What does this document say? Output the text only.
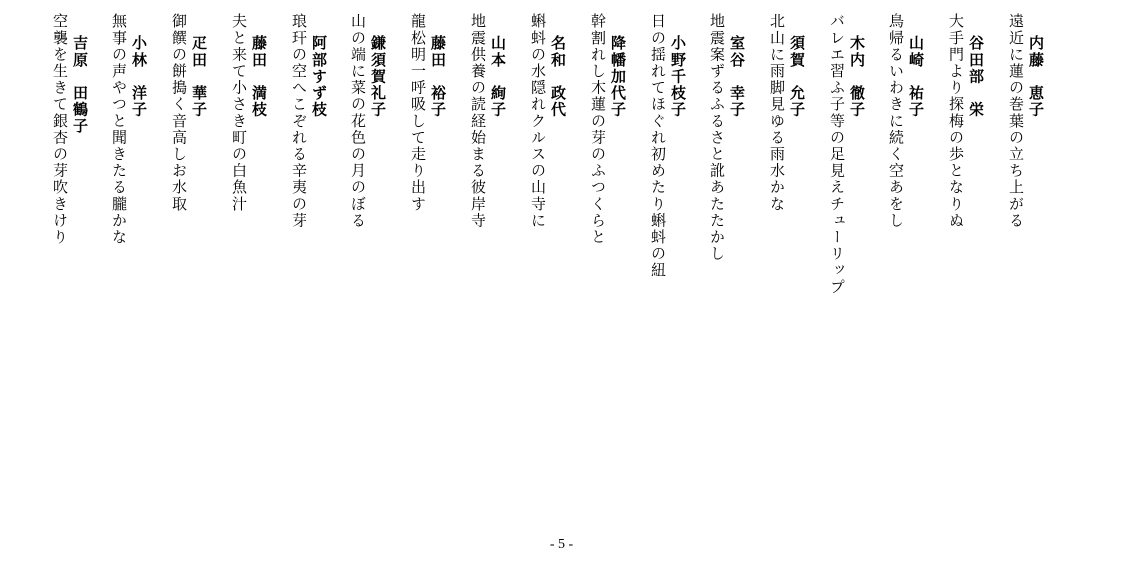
内藤　恵子
遠近に蓮の巻葉の立ち上がる
谷田部　栄
大手門より探梅の歩となりぬ
山崎　祐子
鳥帰るいわきに続く空あをし
木内　徹子
バレエ習ふ子等の足見えチューリップ
須賀　允子
北山に雨脚見ゆる雨水かな
室谷　幸子
地震案ずるふるさと訛あたたかし
小野千枝子
日の揺れてほぐれ初めたり蝌蚪の紐
降幡加代子
幹割れし木蓮の芽のふつくらと
名和　政代
蝌蚪の水隠れクルスの山寺に
山本　絢子
地震供養の読経始まる彼岸寺
藤田　裕子
龍松明一呼吸して走り出す
鎌須賀礼子
山の端に菜の花色の月のぼる
阿部すず枝
琅玕の空へこぞれる辛夷の芽
藤田　満枝
夫と来て小さき町の白魚汁
疋田　華子
御饌の餅搗く音高しお水取
小林　洋子
無事の声やつと聞きたる朧かな
吉原　田鶴子
空襲を生きて銀杏の芽吹きけり
- 5 -
